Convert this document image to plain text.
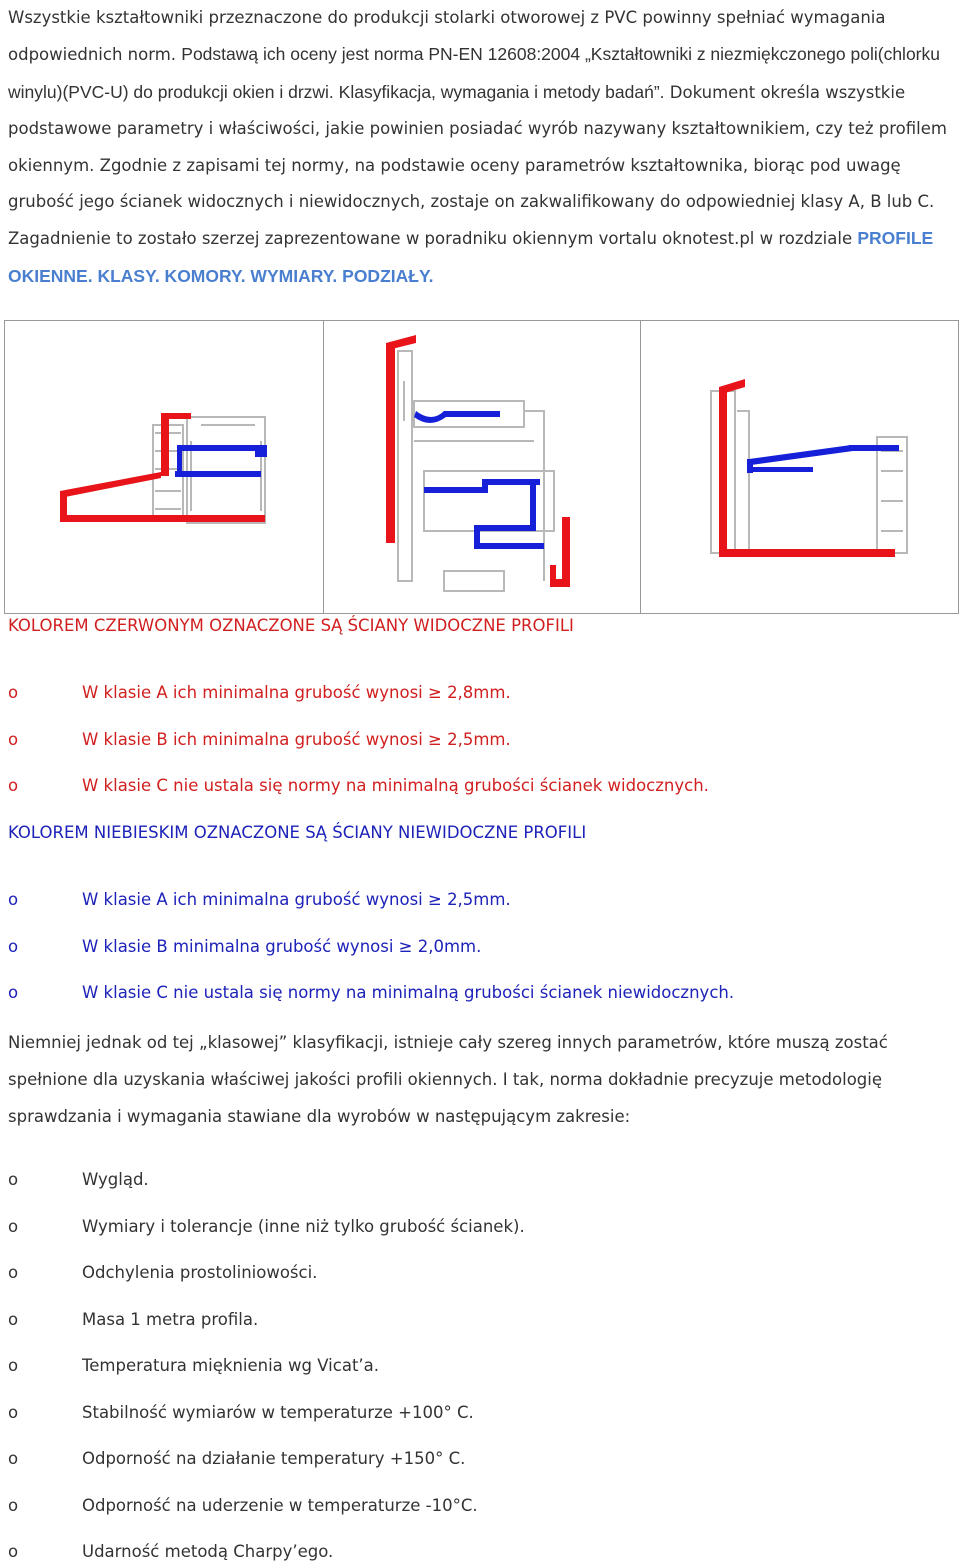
Wszystkie kształtowniki przeznaczone do produkcji stolarki otworowej z PVC powinny spełniać wymagania
odpowiednich norm. Podstawą ich oceny jest norma PN-EN 12608:2004 „Kształtowniki z niezmiękczonego poli(chlorku winylu)(PVC-U) do produkcji okien i drzwi. Klasyfikacja, wymagania i metody badań”. Dokument określa wszystkie podstawowe parametry i właściwości, jakie powinien posiadać wyrób nazywany kształtownikiem, czy też profilem okiennym. Zgodnie z zapisami tej normy, na podstawie oceny parametrów kształtownika, biorąc pod uwagę grubość jego ścianek widocznych i niewidocznych, zostaje on zakwalifikowany do odpowiedniej klasy A, B lub C. Zagadnienie to zostało szerzej zaprezentowane w poradniku okiennym vortalu oknotest.pl w rozdziale PROFILE OKIENNE. KLASY. KOMORY. WYMIARY. PODZIAŁY.
KOLOREM CZERWONYM OZNACZONE SĄ ŚCIANY WIDOCZNE PROFILI
o	W klasie A ich minimalna grubość wynosi ≥ 2,8mm.
o	W klasie B ich minimalna grubość wynosi ≥ 2,5mm.
o	W klasie C nie ustala się normy na minimalną grubości ścianek widocznych.
KOLOREM NIEBIESKIM OZNACZONE SĄ ŚCIANY NIEWIDOCZNE PROFILI
o	W klasie A ich minimalna grubość wynosi ≥ 2,5mm.
o	W klasie B minimalna grubość wynosi ≥ 2,0mm.
o	W klasie C nie ustala się normy na minimalną grubości ścianek niewidocznych.
Niemniej jednak od tej „klasowej” klasyfikacji, istnieje cały szereg innych parametrów, które muszą zostać spełnione dla uzyskania właściwej jakości profili okiennych. I tak, norma dokładnie precyzuje metodologię sprawdzania i wymagania stawiane dla wyrobów w następującym zakresie:
o	Wygląd.
o	Wymiary i tolerancje (inne niż tylko grubość ścianek).
o	Odchylenia prostoliniowości.
o	Masa 1 metra profila.
o	Temperatura mięknienia wg Vicat’a.
o	Stabilność wymiarów w temperaturze +100° C.
o	Odporność na działanie temperatury +150° C.
o	Odporność na uderzenie w temperaturze -10°C.
o	Udarność metodą Charpy’ego.
